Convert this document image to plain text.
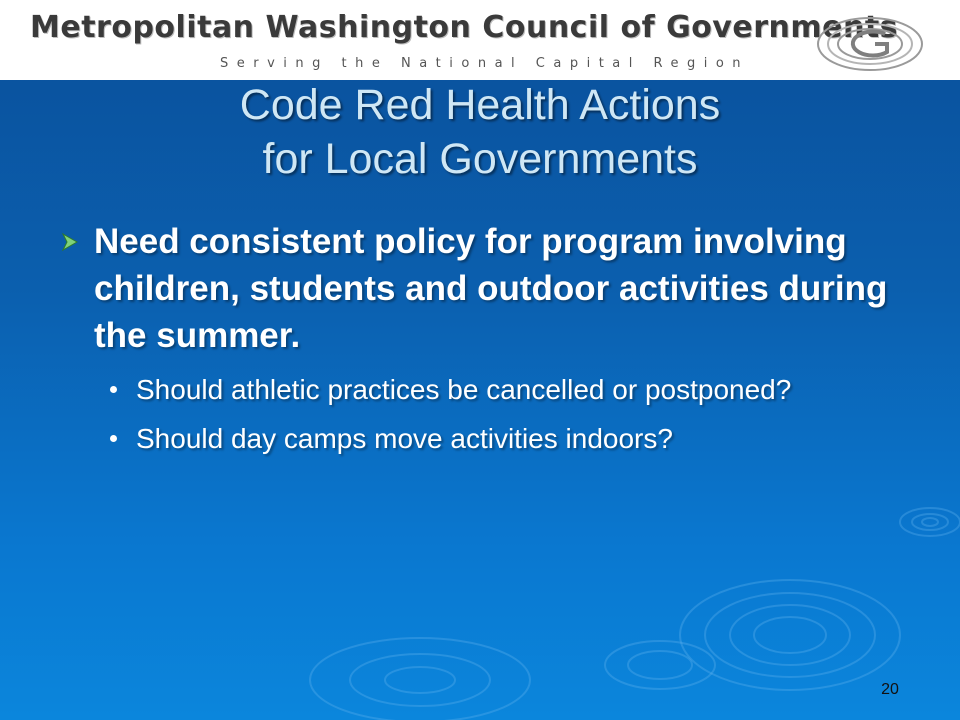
Metropolitan Washington Council of Governments
Serving the National Capital Region
Code Red Health Actions
for Local Governments
Need consistent policy for program involving children, students and outdoor activities during the summer.
Should athletic practices be cancelled or postponed?
Should day camps move activities indoors?
20
